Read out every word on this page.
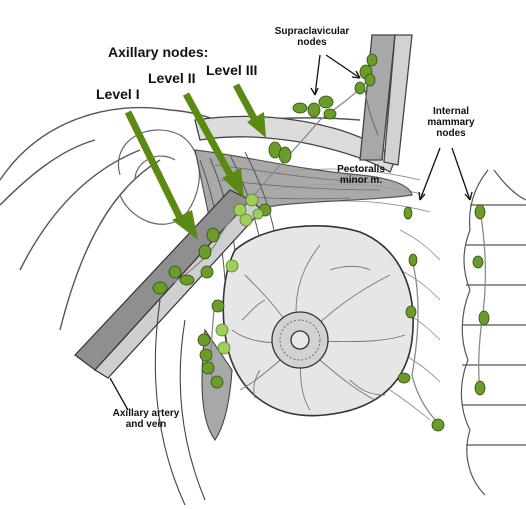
Axillary nodes:
Level I
Level II Level III
Supraclavicular
nodes
Internal
mammary
nodes
Pectoralis
minor m.
Axillary artery
and vein
